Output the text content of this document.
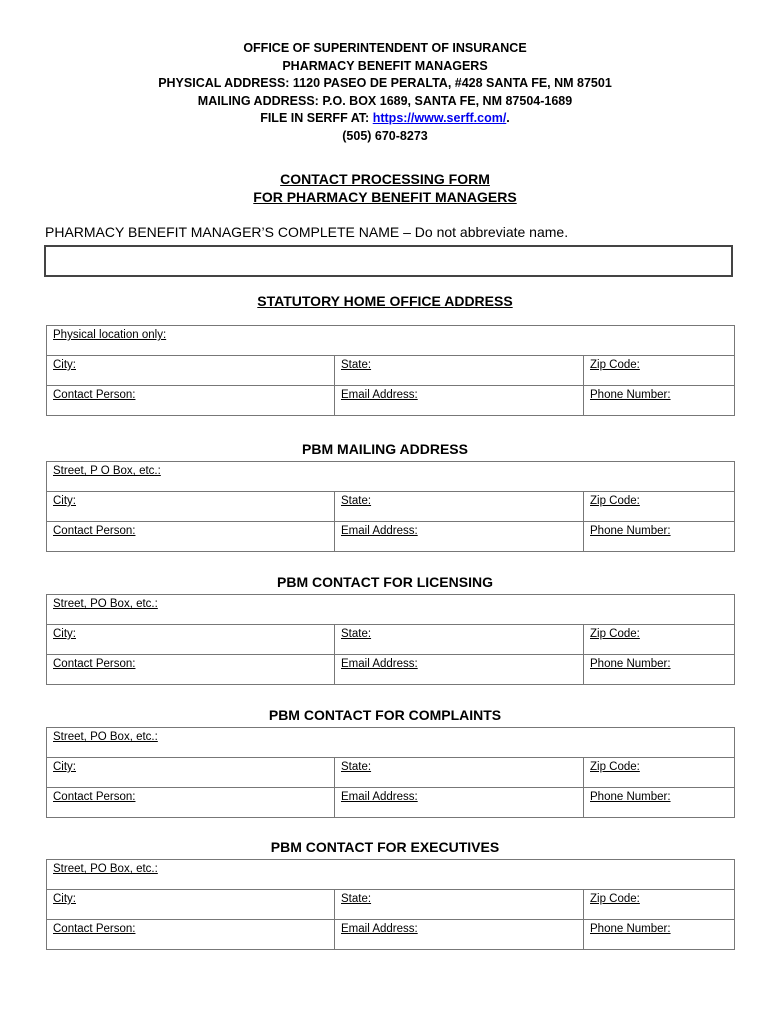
OFFICE OF SUPERINTENDENT OF INSURANCE
PHARMACY BENEFIT MANAGERS
PHYSICAL ADDRESS: 1120 PASEO DE PERALTA, #428 SANTA FE, NM 87501
MAILING ADDRESS: P.O. BOX 1689, SANTA FE, NM 87504-1689
FILE IN SERFF AT: https://www.serff.com/.
(505) 670-8273
CONTACT PROCESSING FORM
FOR PHARMACY BENEFIT MANAGERS
PHARMACY BENEFIT MANAGER’S COMPLETE NAME – Do not abbreviate name.
STATUTORY HOME OFFICE ADDRESS
Physical location only:		
City:	State:	Zip Code:
Contact Person:	Email Address:	Phone Number:
PBM MAILING ADDRESS
Street, P O Box, etc.:		
City:	State:	Zip Code:
Contact Person:	Email Address:	Phone Number:
PBM CONTACT FOR LICENSING
Street, PO Box, etc.:		
City:	State:	Zip Code:
Contact Person:	Email Address:	Phone Number:
PBM CONTACT FOR COMPLAINTS
Street, PO Box, etc.:		
City:	State:	Zip Code:
Contact Person:	Email Address:	Phone Number:
PBM CONTACT FOR EXECUTIVES
Street, PO Box, etc.:		
City:	State:	Zip Code:
Contact Person:	Email Address:	Phone Number:
